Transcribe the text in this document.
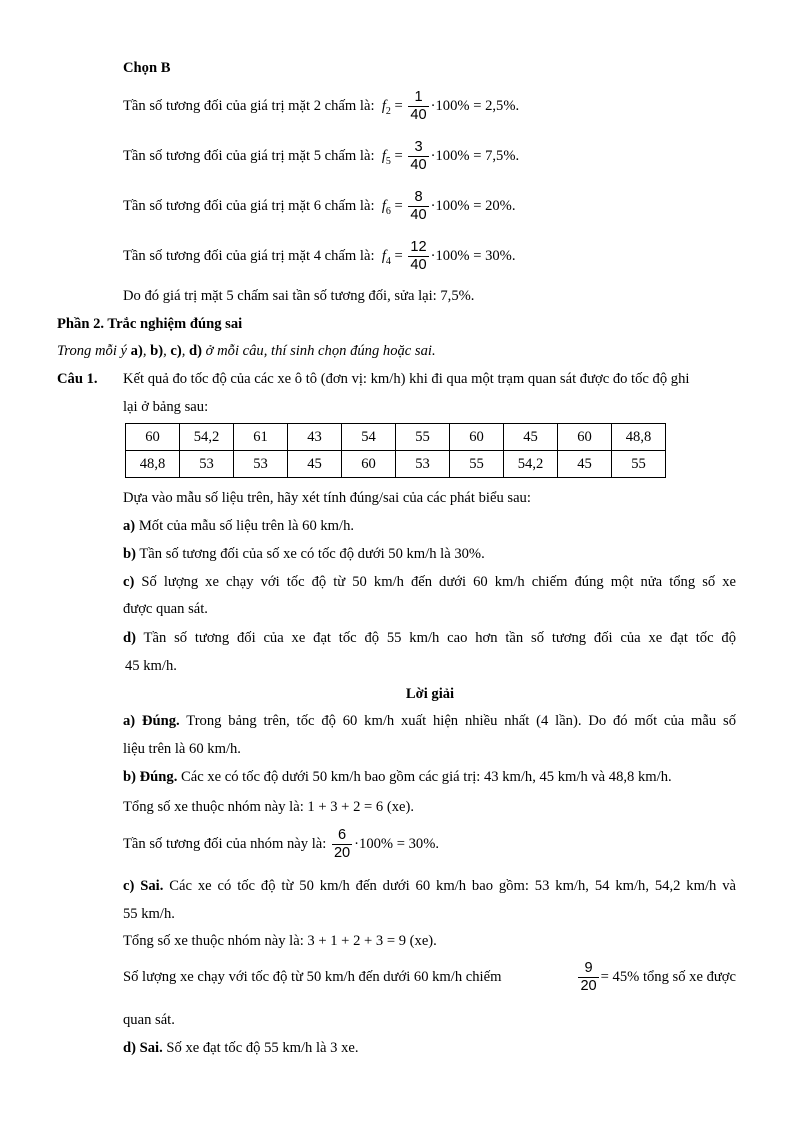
Chọn B
Tần số tương đối của giá trị mặt 2 chấm là: $f_2 = \frac{1}{40} \cdot 100\% = 2,5\%$.
Tần số tương đối của giá trị mặt 5 chấm là: $f_5 = \frac{3}{40} \cdot 100\% = 7,5\%$.
Tần số tương đối của giá trị mặt 6 chấm là: $f_6 = \frac{8}{40} \cdot 100\% = 20\%$.
Tần số tương đối của giá trị mặt 4 chấm là: $f_4 = \frac{12}{40} \cdot 100\% = 30\%$.
Do đó giá trị mặt 5 chấm sai tần số tương đối, sửa lại: 7,5%.
Phần 2. Trắc nghiệm đúng sai
Trong mỗi ý a), b), c), d) ở mỗi câu, thí sinh chọn đúng hoặc sai.
Câu 1. Kết quả đo tốc độ của các xe ô tô (đơn vị: km/h) khi đi qua một trạm quan sát được đo tốc độ ghi
lại ở bảng sau:
60	54,2	61	43	54	55	60	45	60	48,8
48,8	53	53	45	60	53	55	54,2	45	55
Dựa vào mẫu số liệu trên, hãy xét tính đúng/sai của các phát biểu sau:
a) Mốt của mẫu số liệu trên là 60 km/h.
b) Tần số tương đối của số xe có tốc độ dưới 50 km/h là 30%.
c) Số lượng xe chạy với tốc độ từ 50 km/h đến dưới 60 km/h chiếm đúng một nửa tổng số xe
được quan sát.
d) Tần số tương đối của xe đạt tốc độ 55 km/h cao hơn tần số tương đối của xe đạt tốc độ
45 km/h.
Lời giải
a) Đúng. Trong bảng trên, tốc độ 60 km/h xuất hiện nhiều nhất (4 lần). Do đó mốt của mẫu số
liệu trên là 60 km/h.
b) Đúng. Các xe có tốc độ dưới 50 km/h bao gồm các giá trị: 43 km/h, 45 km/h và 48,8 km/h.
Tổng số xe thuộc nhóm này là: 1 + 3 + 2 = 6 (xe).
Tần số tương đối của nhóm này là: $\frac{6}{20} \cdot 100\% = 30\%$.
c) Sai. Các xe có tốc độ từ 50 km/h đến dưới 60 km/h bao gồm: 53 km/h, 54 km/h, 54,2 km/h và
55 km/h.
Tổng số xe thuộc nhóm này là: 3 + 1 + 2 + 3 = 9 (xe).
Số lượng xe chạy với tốc độ từ 50 km/h đến dưới 60 km/h chiếm	$\frac{9}{20} = 45\%$ tổng số xe được
quan sát.
d) Sai. Số xe đạt tốc độ 55 km/h là 3 xe.
